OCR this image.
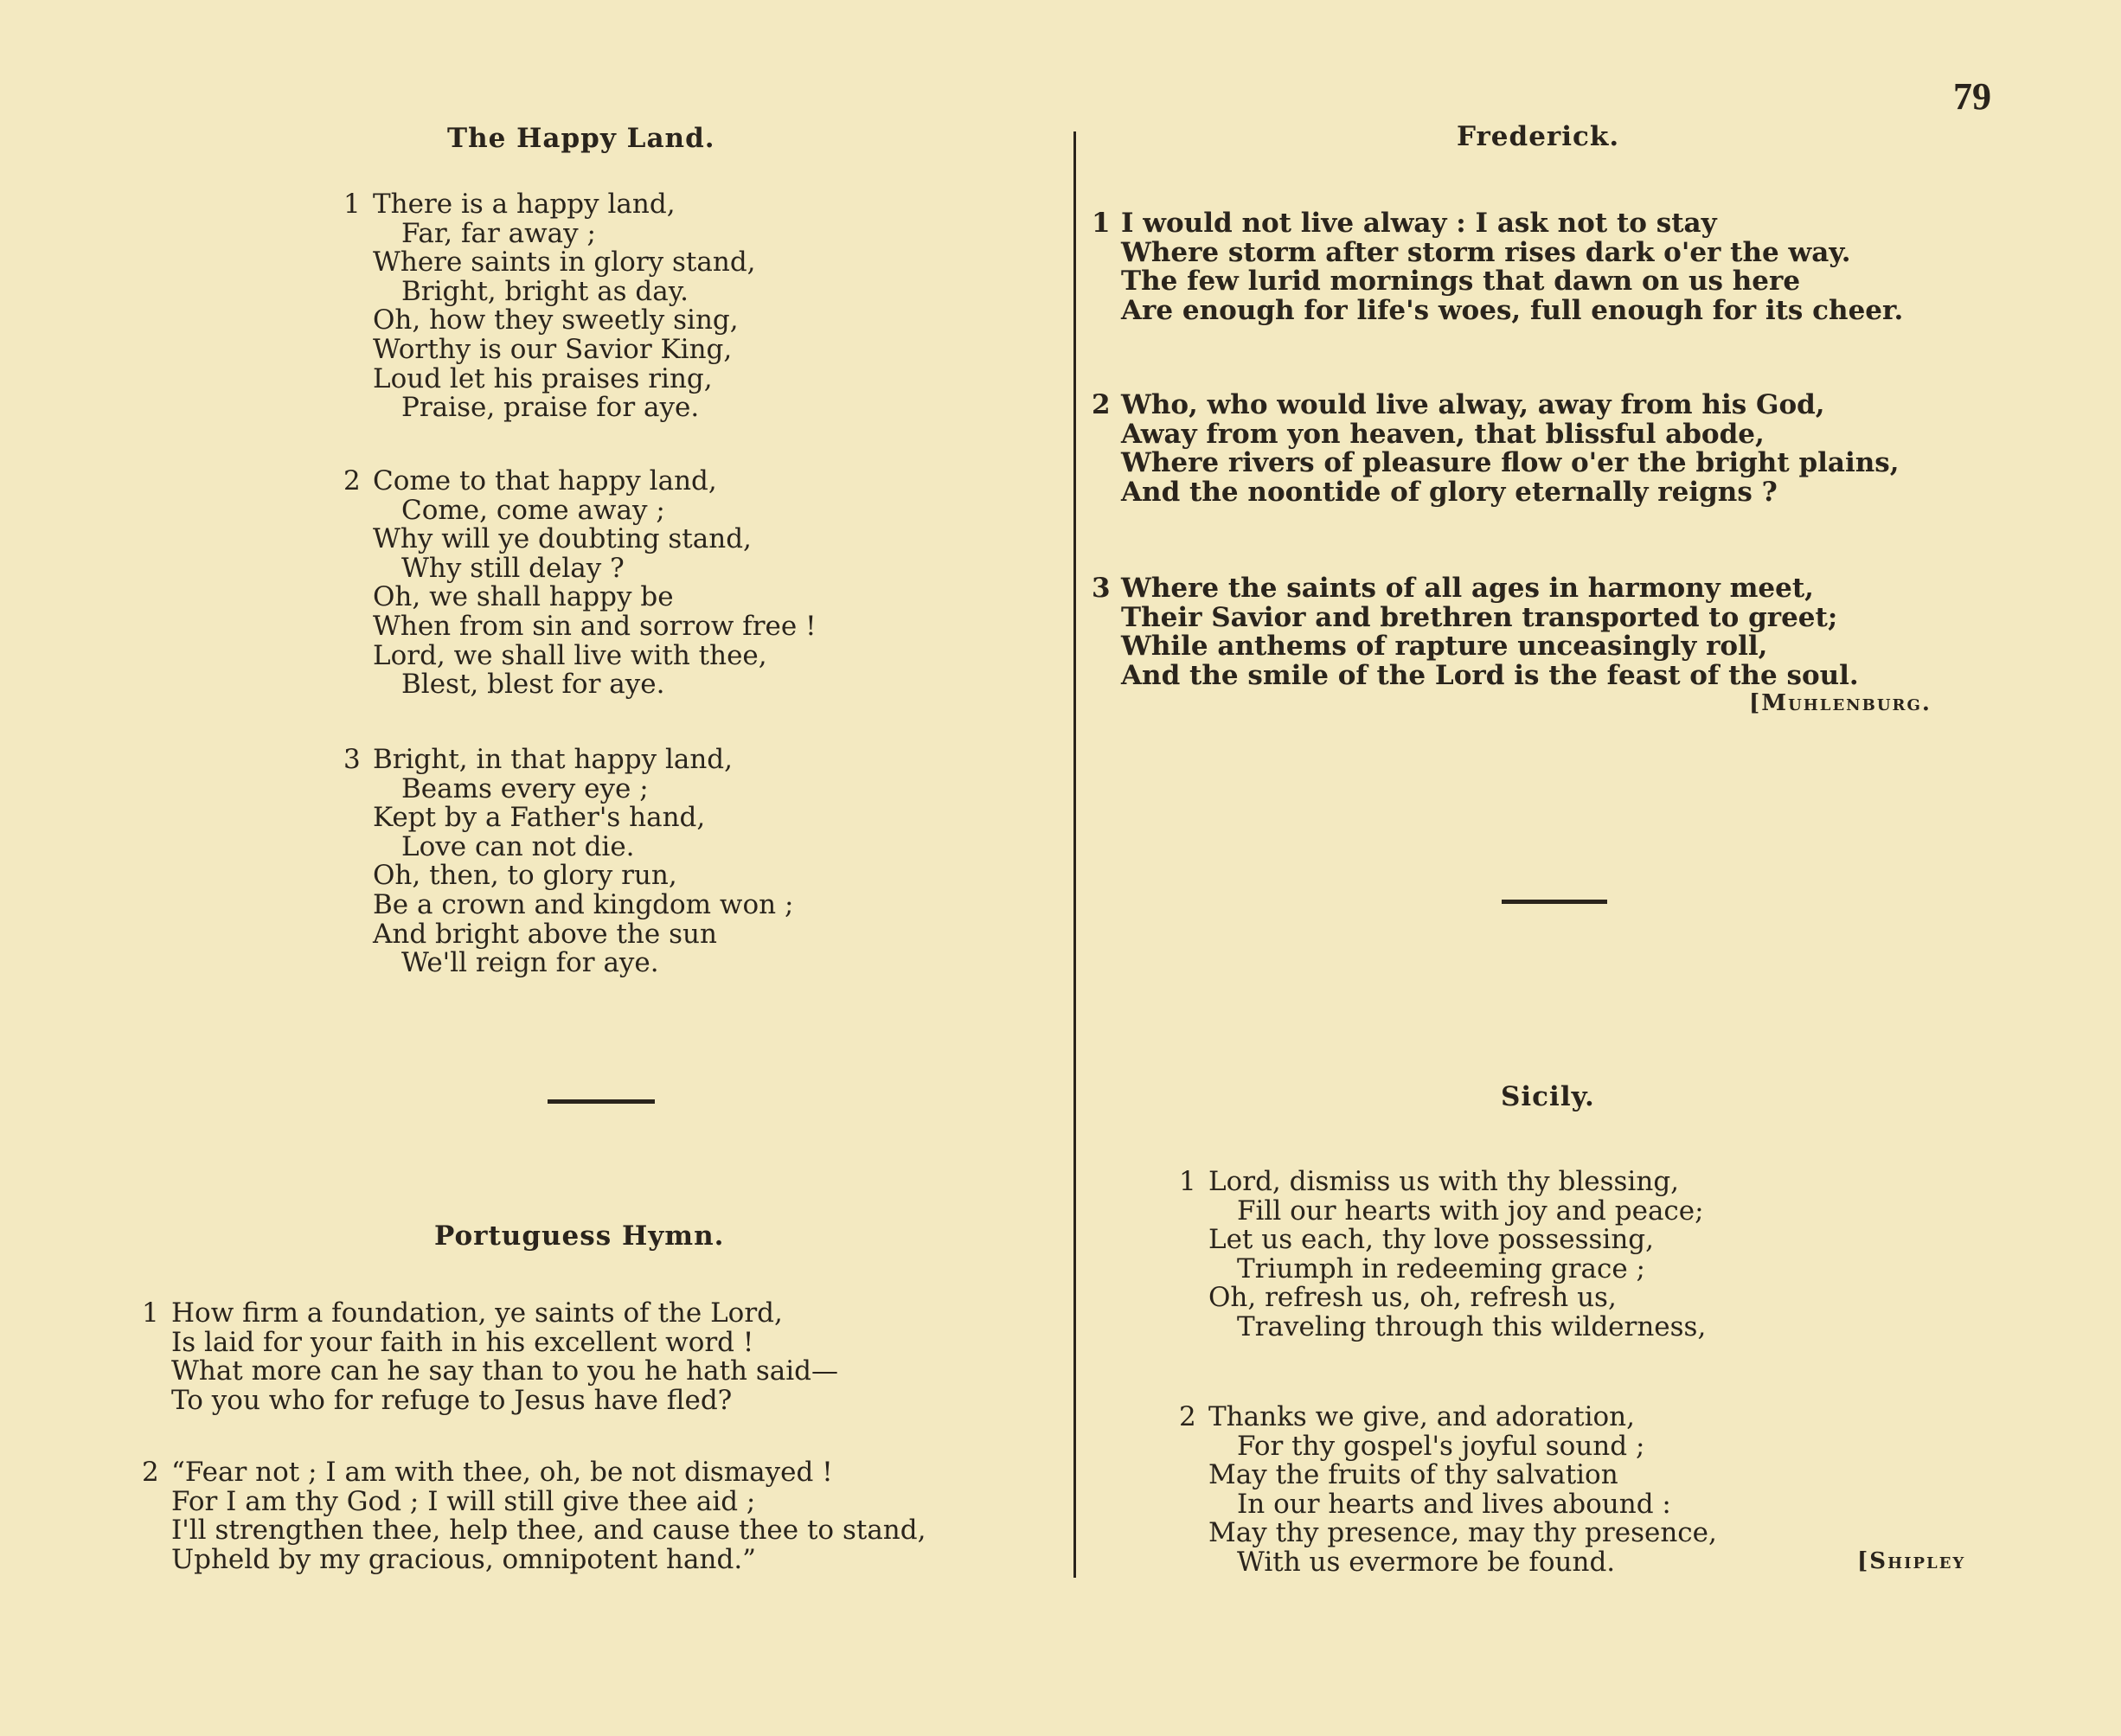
79
The Happy Land.
1 There is a happy land,
Far, far away ;
Where saints in glory stand,
Bright, bright as day.
Oh, how they sweetly sing,
Worthy is our Savior King,
Loud let his praises ring,
Praise, praise for aye.
2 Come to that happy land,
Come, come away ;
Why will ye doubting stand,
Why still delay ?
Oh, we shall happy be
When from sin and sorrow free !
Lord, we shall live with thee,
Blest, blest for aye.
3 Bright, in that happy land,
Beams every eye ;
Kept by a Father's hand,
Love can not die.
Oh, then, to glory run,
Be a crown and kingdom won ;
And bright above the sun
We'll reign for aye.
Portuguess Hymn.
1 How firm a foundation, ye saints of the Lord,
Is laid for your faith in his excellent word !
What more can he say than to you he hath said—
To you who for refuge to Jesus have fled?
2 “Fear not ; I am with thee, oh, be not dismayed !
For I am thy God ; I will still give thee aid ;
I'll strengthen thee, help thee, and cause thee to stand,
Upheld by my gracious, omnipotent hand.”
Frederick.
1 I would not live alway : I ask not to stay
Where storm after storm rises dark o'er the way.
The few lurid mornings that dawn on us here
Are enough for life's woes, full enough for its cheer.
2 Who, who would live alway, away from his God,
Away from yon heaven, that blissful abode,
Where rivers of pleasure flow o'er the bright plains,
And the noontide of glory eternally reigns ?
3 Where the saints of all ages in harmony meet,
Their Savior and brethren transported to greet;
While anthems of rapture unceasingly roll,
And the smile of the Lord is the feast of the soul.
[Muhlenburg.
Sicily.
1 Lord, dismiss us with thy blessing,
Fill our hearts with joy and peace;
Let us each, thy love possessing,
Triumph in redeeming grace ;
Oh, refresh us, oh, refresh us,
Traveling through this wilderness,
2 Thanks we give, and adoration,
For thy gospel's joyful sound ;
May the fruits of thy salvation
In our hearts and lives abound :
May thy presence, may thy presence,
With us evermore be found.	[Shipley
